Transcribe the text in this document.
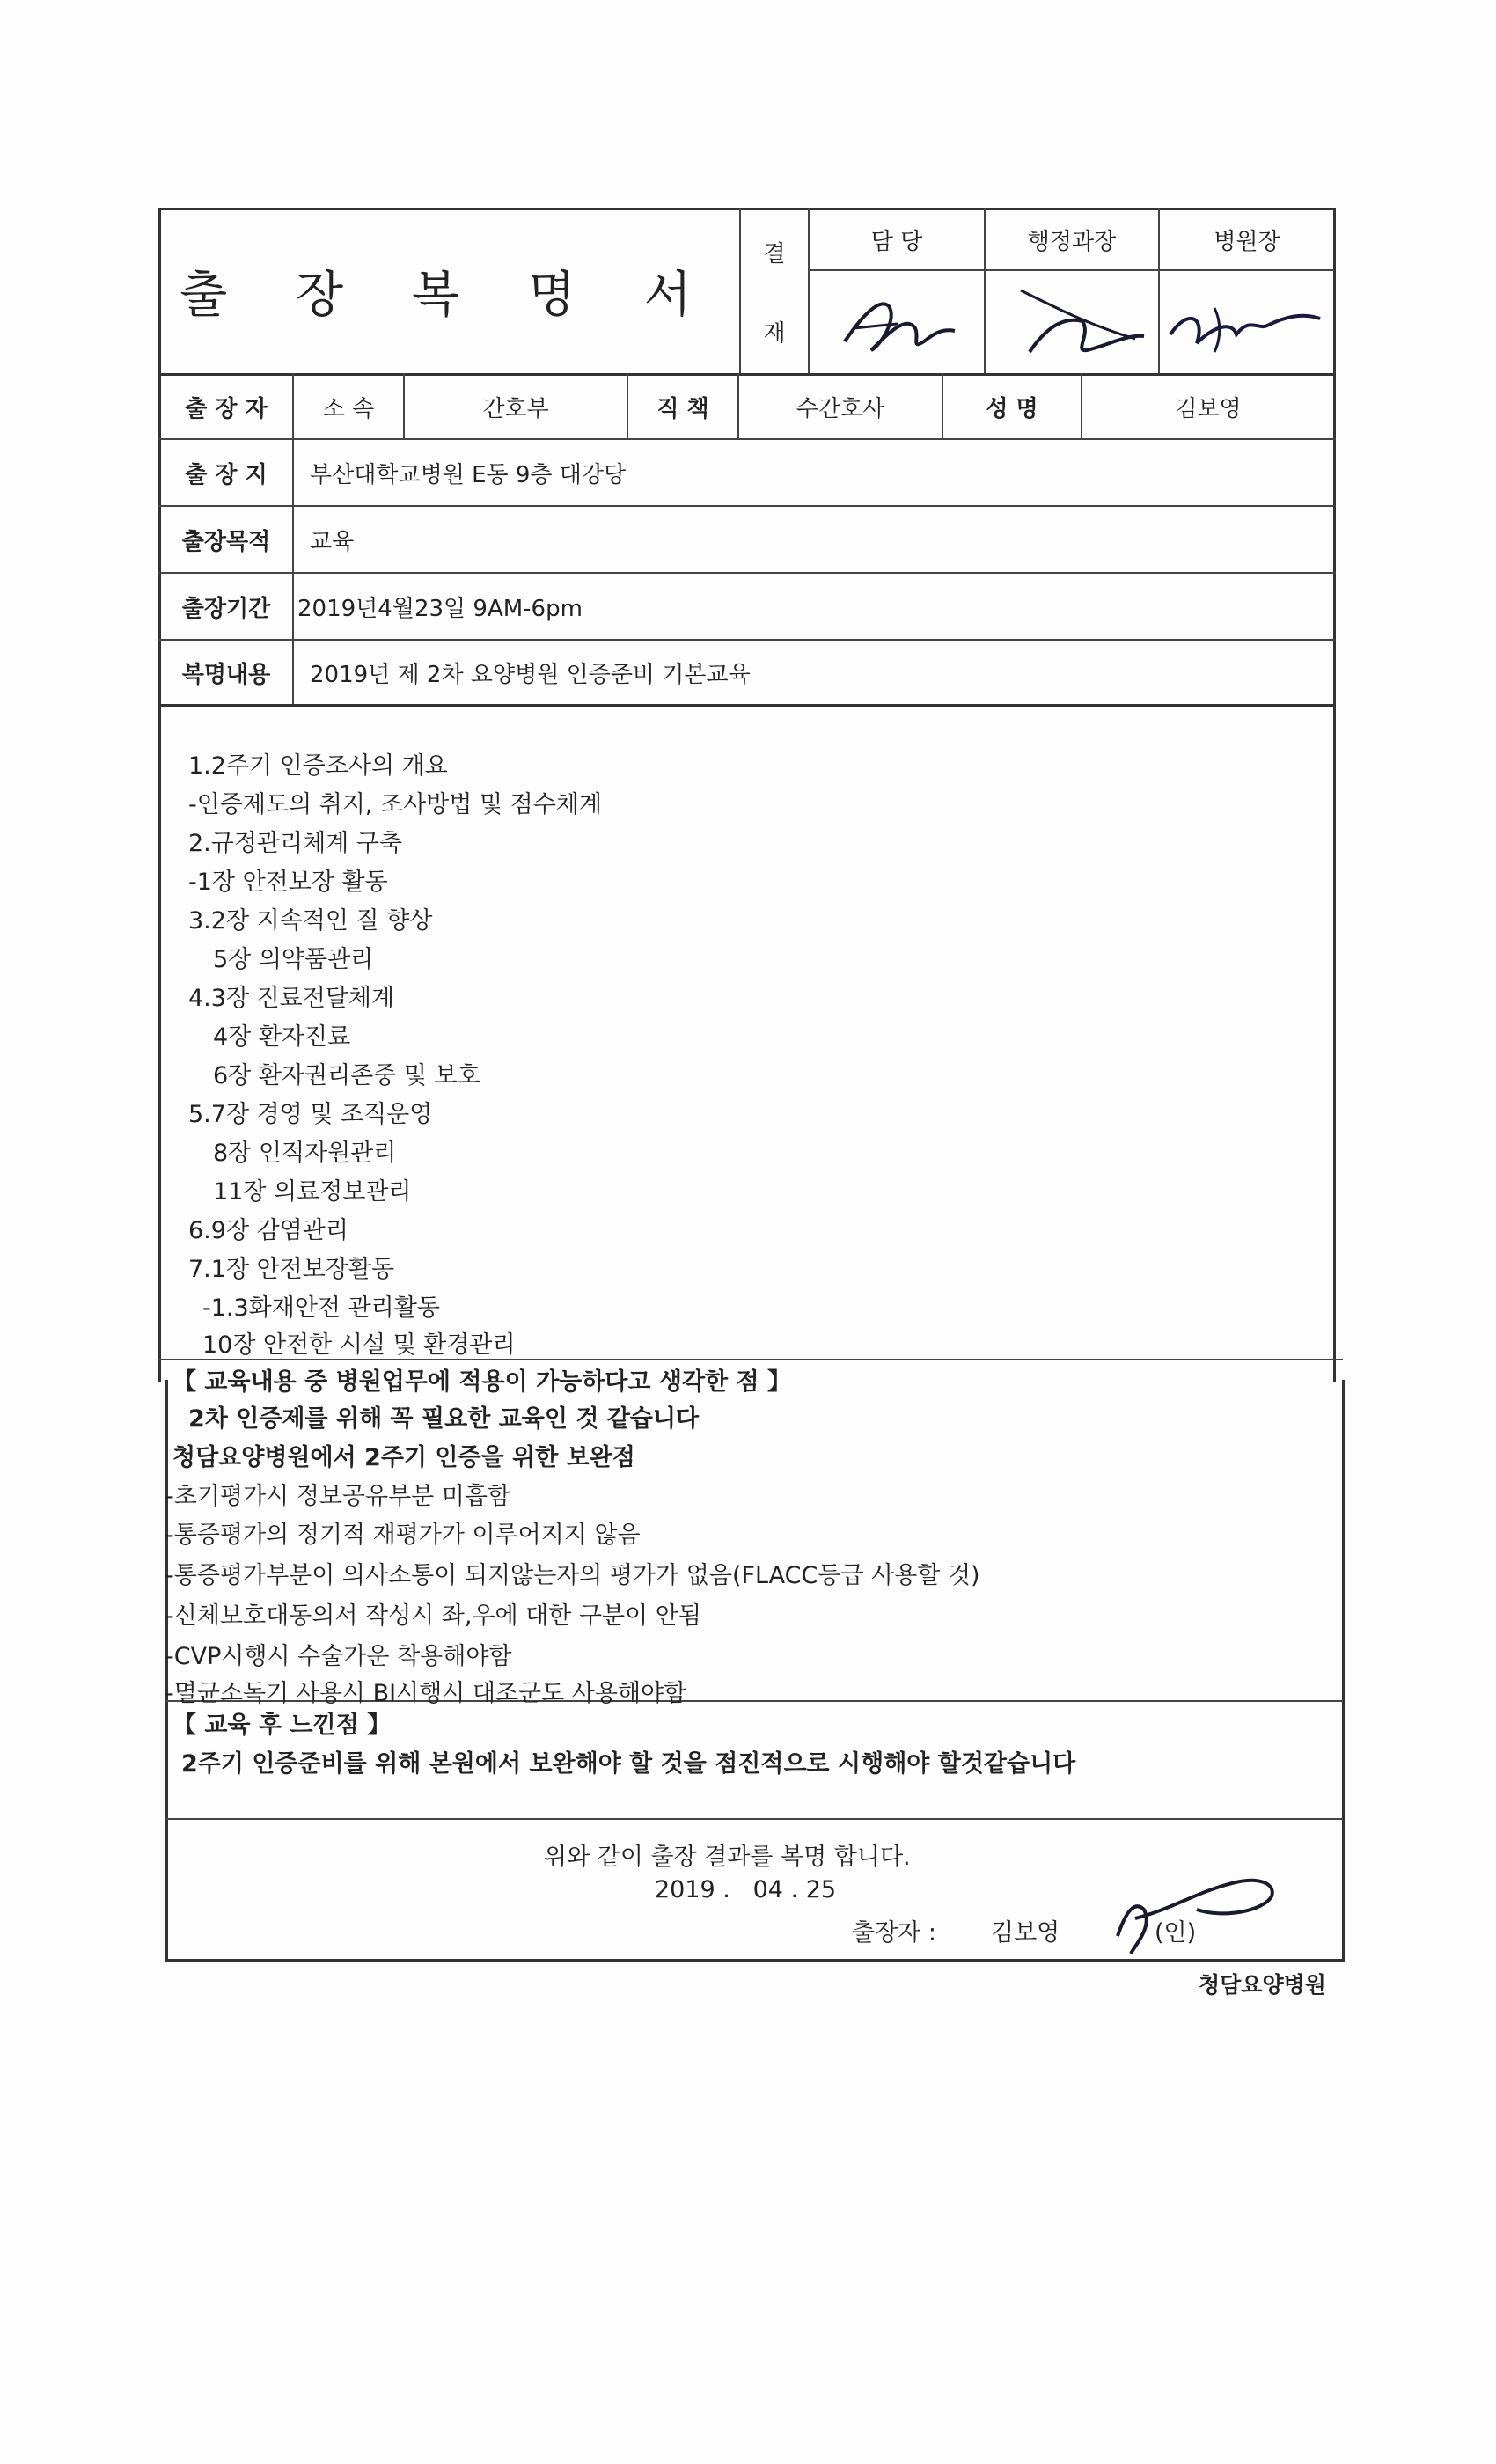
출 장 복 명 서
결
재
담 당	행정과장	병원장
출 장 자	소 속	간호부	직 책	수간호사	성 명	김보영
출 장 지	부산대학교병원 E동 9층 대강당
출장목적	교육
출장기간	2019년4월23일 9AM-6pm
복명내용	2019년 제 2차 요양병원 인증준비 기본교육
1.2주기 인증조사의 개요
-인증제도의 취지, 조사방법 및 점수체계
2.규정관리체계 구축
-1장 안전보장 활동
3.2장 지속적인 질 향상
5장 의약품관리
4.3장 진료전달체계
4장 환자진료
6장 환자권리존중 및 보호
5.7장 경영 및 조직운영
8장 인적자원관리
11장 의료정보관리
6.9장 감염관리
7.1장 안전보장활동
-1.3화재안전 관리활동
10장 안전한 시설 및 환경관리
【 교육내용 중 병원업무에 적용이 가능하다고 생각한 점 】
2차 인증제를 위해 꼭 필요한 교육인 것 같습니다
청담요양병원에서 2주기 인증을 위한 보완점
-초기평가시 정보공유부분 미흡함
-통증평가의 정기적 재평가가 이루어지지 않음
-통증평가부분이 의사소통이 되지않는자의 평가가 없음(FLACC등급 사용할 것)
-신체보호대동의서 작성시 좌,우에 대한 구분이 안됨
-CVP시행시 수술가운 착용해야함
-멸균소독기 사용시 BI시행시 대조군도 사용해야함
【 교육 후 느낀점 】
2주기 인증준비를 위해 본원에서 보완해야 할 것을 점진적으로 시행해야 할것같습니다
위와 같이 출장 결과를 복명 합니다.
2019 .   04 . 25
출장자 : 김보영	(인)
청담요양병원
